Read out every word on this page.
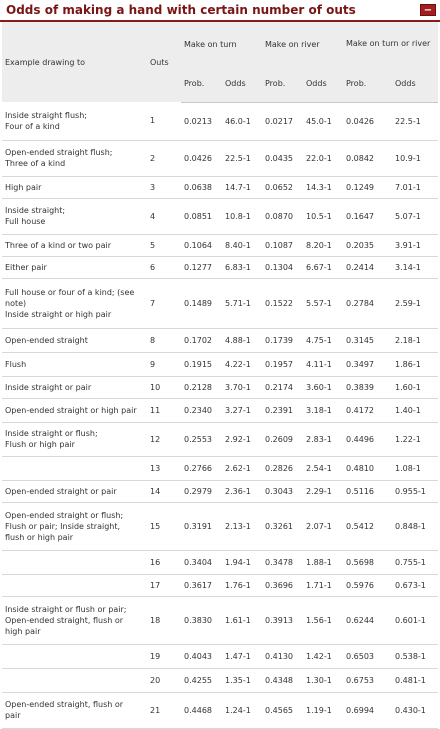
Odds of making a hand with certain number of outs	−
Example drawing to	Outs	Make on turn		Make on river		Make on turn or river	
		Prob.	Odds	Prob.	Odds	Prob.	Odds

Inside straight flush;
Four of a kind	1	0.0213	46.0-1	0.0217	45.0-1	0.0426	22.5-1

Open-ended straight flush;
Three of a kind	2	0.0426	22.5-1	0.0435	22.0-1	0.0842	10.9-1

High pair	3	0.0638	14.7-1	0.0652	14.3-1	0.1249	7.01-1

Inside straight;
Full house	4	0.0851	10.8-1	0.0870	10.5-1	0.1647	5.07-1

Three of a kind or two pair	5	0.1064	8.40-1	0.1087	8.20-1	0.2035	3.91-1

Either pair	6	0.1277	6.83-1	0.1304	6.67-1	0.2414	3.14-1

Full house or four of a kind; (see
note)
Inside straight or high pair	7	0.1489	5.71-1	0.1522	5.57-1	0.2784	2.59-1

Open-ended straight	8	0.1702	4.88-1	0.1739	4.75-1	0.3145	2.18-1

Flush	9	0.1915	4.22-1	0.1957	4.11-1	0.3497	1.86-1

Inside straight or pair	10	0.2128	3.70-1	0.2174	3.60-1	0.3839	1.60-1

Open-ended straight or high pair	11	0.2340	3.27-1	0.2391	3.18-1	0.4172	1.40-1

Inside straight or flush;
Flush or high pair	12	0.2553	2.92-1	0.2609	2.83-1	0.4496	1.22-1
	13	0.2766	2.62-1	0.2826	2.54-1	0.4810	1.08-1

Open-ended straight or pair	14	0.2979	2.36-1	0.3043	2.29-1	0.5116	0.955-1

Open-ended straight or flush;
Flush or pair; Inside straight,
flush or high pair	15	0.3191	2.13-1	0.3261	2.07-1	0.5412	0.848-1
	16	0.3404	1.94-1	0.3478	1.88-1	0.5698	0.755-1
	17	0.3617	1.76-1	0.3696	1.71-1	0.5976	0.673-1

Inside straight or flush or pair;
Open-ended straight, flush or
high pair	18	0.3830	1.61-1	0.3913	1.56-1	0.6244	0.601-1
	19	0.4043	1.47-1	0.4130	1.42-1	0.6503	0.538-1
	20	0.4255	1.35-1	0.4348	1.30-1	0.6753	0.481-1

Open-ended straight, flush or
pair	21	0.4468	1.24-1	0.4565	1.19-1	0.6994	0.430-1
